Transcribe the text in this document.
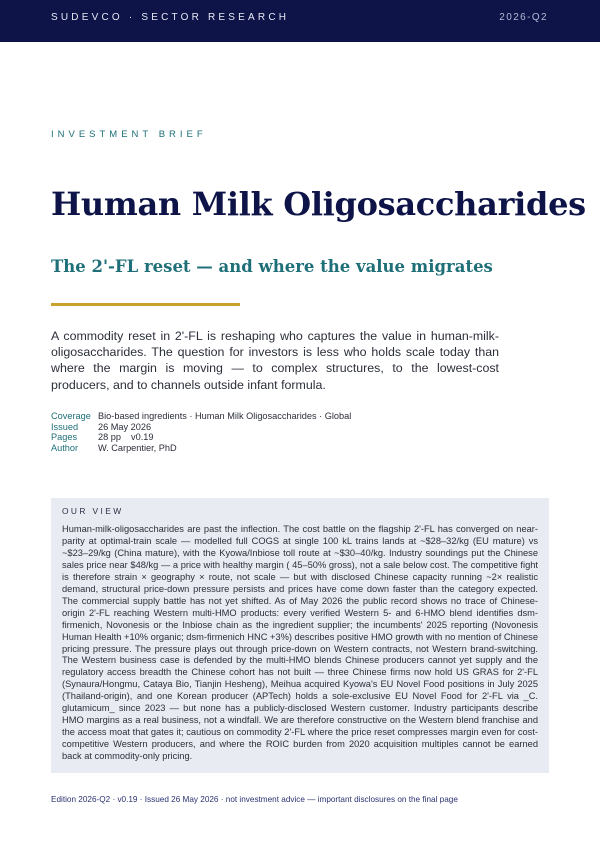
SUDEVCO · SECTOR RESEARCH	2026-Q2
INVESTMENT BRIEF
Human Milk Oligosaccharides
The 2'-FL reset — and where the value migrates

A commodity reset in 2'-FL is reshaping who captures the value in human-milk-oligosaccharides. The question for investors is less who holds scale today than where the margin is moving — to complex structures, to the lowest-cost producers, and to channels outside infant formula.

Coverage Bio-based ingredients · Human Milk Oligosaccharides · Global
Issued	26 May 2026
Pages	28 pp v0.19
Author	W. Carpentier, PhD
OUR VIEW

Human-milk-oligosaccharides are past the inflection. The cost battle on the flagship 2'-FL has converged on near-parity at optimal-train scale — modelled full COGS at single 100 kL trains lands at ~$28–32/kg (EU mature) vs ~$23–29/kg (China mature), with the Kyowa/Inbiose toll route at ~$30–40/kg. Industry soundings put the Chinese sales price near $48/kg — a price with healthy margin ( 45–50% gross), not a sale below cost. The competitive fight is therefore strain × geography × route, not scale — but with disclosed Chinese capacity running ~2× realistic demand, structural price-down pressure persists and prices have come down faster than the category expected. The commercial supply battle has not yet shifted. As of May 2026 the public record shows no trace of Chinese-origin 2'-FL reaching Western multi-HMO products: every verified Western 5- and 6-HMO blend identifies dsm-firmenich, Novonesis or the Inbiose chain as the ingredient supplier; the incumbents' 2025 reporting (Novonesis Human Health +10% organic; dsm-firmenich HNC +3%) describes positive HMO growth with no mention of Chinese pricing pressure. The pressure plays out through price-down on Western contracts, not Western brand-switching. The Western business case is defended by the multi-HMO blends Chinese producers cannot yet supply and the regulatory access breadth the Chinese cohort has not built — three Chinese firms now hold US GRAS for 2'-FL (Synaura/Hongmu, Cataya Bio, Tianjin Hesheng), Meihua acquired Kyowa's EU Novel Food positions in July 2025 (Thailand-origin), and one Korean producer (APTech) holds a sole-exclusive EU Novel Food for 2'-FL via _C. glutamicum_ since 2023 — but none has a publicly-disclosed Western customer. Industry participants describe HMO margins as a real business, not a windfall. We are therefore constructive on the Western blend franchise and the access moat that gates it; cautious on commodity 2'-FL where the price reset compresses margin even for cost-competitive Western producers, and where the ROIC burden from 2020 acquisition multiples cannot be earned back at commodity-only pricing.

Edition 2026-Q2 · v0.19 · Issued 26 May 2026 · not investment advice — important disclosures on the final page
